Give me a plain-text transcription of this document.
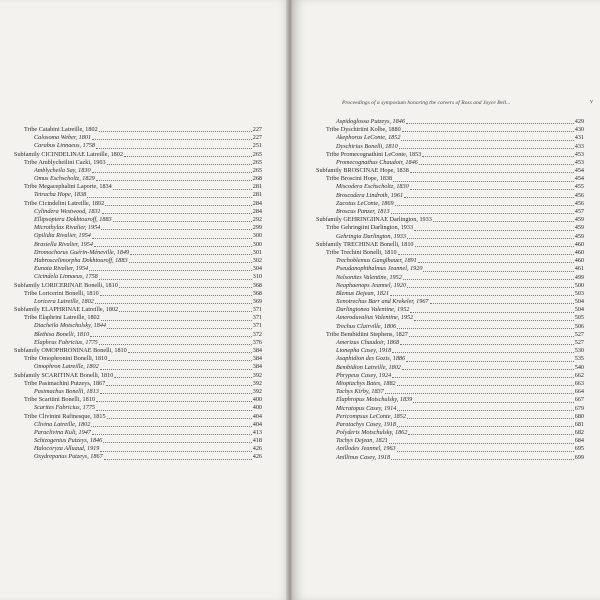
Tribe Catabini Latreille, 1802	227
Calosoma Weber, 1801	227
Carabus Linnaeus, 1758	251
Subfamily CICINDELINAE Latreille, 1802	265
Tribe Amblycheilini Cazki, 1903	265
Amblycheila Say, 1830	265
Omus Eschscholtz, 1829	268
Tribe Megacephalini Laporte, 1834	281
Tetracha Hope, 1838	281
Tribe Cicindelini Latreille, 1802	284
Cylindera Westwood, 1831	284
Ellipsoptera Dokhtouroff, 1883	292
Microthylax Rivalier, 1954	299
Opilidia Rivalier, 1954	300
Brasiella Rivalier, 1954	300
Dromochorus Guérin-Méneville, 1849	301
Habroscelimorpha Dokhtouroff, 1883	302
Eunota Rivalier, 1954	304
Cicindela Linnaeus, 1758	310
Subfamily LORICERINAE Bonelli, 1810	368
Tribe Loricerini Bonelli, 1810	368
Loricera Latreille, 1802	369
Subfamily ELAPHRINAE Latreille, 1802	371
Tribe Elaphrini Latreille, 1802	371
Diacheila Motschulsky, 1844	371
Blethisa Bonelli, 1810	372
Elaphrus Fabricius, 1775	376
Subfamily OMOPHRONINAE Bonelli, 1810	384
Tribe Omophronini Bonelli, 1810	384
Omophron Latreille, 1802	384
Subfamily SCARITINAE Bonelli, 1810	392
Tribe Pasimachini Putzeys, 1867	392
Pasimachus Bonelli, 1813	392
Tribe Scaritini Bonelli, 1810	400
Scarites Fabricius, 1775	400
Tribe Clivinini Rafinesque, 1815	404
Clivina Latreille, 1802	404
Paraclivina Kult, 1947	413
Schizogenius Putzeys, 1846	418
Halocoryza Alluaud, 1919	426
Oxydrepanus Putzeys, 1867	426
Proceedings of a symposium honoring the careers of Ross and Joyce Bell...	v
Aspidoglossa Putzeys, 1846	429
Tribe Dyschiriini Kolbe, 1880	430
Akephorus LeConte, 1852	431
Dyschirius Bonelli, 1810	433
Tribe Promecognathini LeConte, 1853	453
Promecognathus Chaudoir, 1846	453
Subfamily BROSCINAE Hope, 1838	454
Tribe Broscini Hope, 1838	454
Miscodera Eschscholtz, 1830	455
Broscodera Lindroth, 1961	456
Zacotus LeConte, 1869	456
Broscus Panzer, 1813	457
Subfamily GEHRINGIINAE Darlington, 1933	459
Tribe Gehringiini Darlington, 1933	459
Gehringia Darlington, 1933	459
Subfamily TRECHINAE Bonelli, 1810	460
Tribe Trechini Bonelli, 1810	460
Trechoblemus Ganglbauer, 1891	460
Pseudanophthalmus Jeannel, 1920	461
Nelsonites Valentine, 1952	499
Neaphaenops Jeannel, 1920	500
Blemus Dejean, 1821	503
Xenotrechus Barr and Krekeler, 1967	504
Darlingtonea Valentine, 1952	504
Ameroduvalius Valentine, 1952	505
Trechus Clairville, 1806	506
Tribe Bembidiini Stephens, 1827	527
Amerizus Chaudoir, 1868	527
Lionepha Casey, 1918	530
Asaphidion des Gozis, 1886	535
Bembidion Latreille, 1802	540
Phrypeus Casey, 1924	662
Mioptachys Bates, 1882	663
Tachys Kirby, 1837	664
Elaphropus Motschulsky, 1839	667
Micratopus Casey, 1914	679
Pericompsus LeConte, 1852	680
Paratachys Casey, 1918	681
Polyderis Motschulsky, 1862	682
Tachys Dejean, 1821	684
Anillodes Jeannel, 1963	695
Anillinus Casey, 1918	699
